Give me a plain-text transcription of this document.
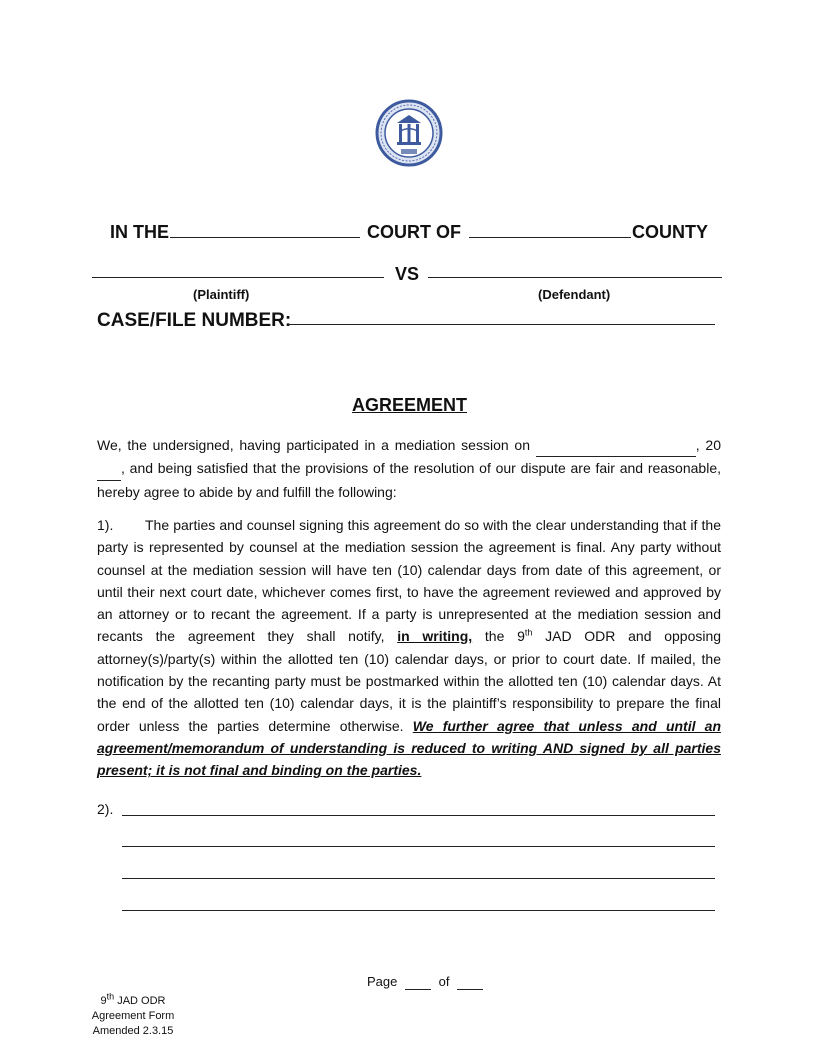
IN THE	COURT OF	COUNTY
VS
(Plaintiff)	(Defendant)
CASE/FILE NUMBER:
AGREEMENT
We, the undersigned, having participated in a mediation session on	, 20 , and being satisfied that the provisions of the resolution of our dispute are fair and reasonable, hereby agree to abide by and fulfill the following:
1). The parties and counsel signing this agreement do so with the clear understanding that if the party is represented by counsel at the mediation session the agreement is final. Any party without counsel at the mediation session will have ten (10) calendar days from date of this agreement, or until their next court date, whichever comes first, to have the agreement reviewed and approved by an attorney or to recant the agreement. If a party is unrepresented at the mediation session and recants the agreement they shall notify, in writing, the 9th JAD ODR and opposing attorney(s)/party(s) within the allotted ten (10) calendar days, or prior to court date. If mailed, the notification by the recanting party must be postmarked within the allotted ten (10) calendar days. At the end of the allotted ten (10) calendar days, it is the plaintiff’s responsibility to prepare the final order unless the parties determine otherwise. We further agree that unless and until an agreement/memorandum of understanding is reduced to writing AND signed by all parties present; it is not final and binding on the parties.
2).
Page	of
9th JAD ODR
Agreement Form
Amended 2.3.15
